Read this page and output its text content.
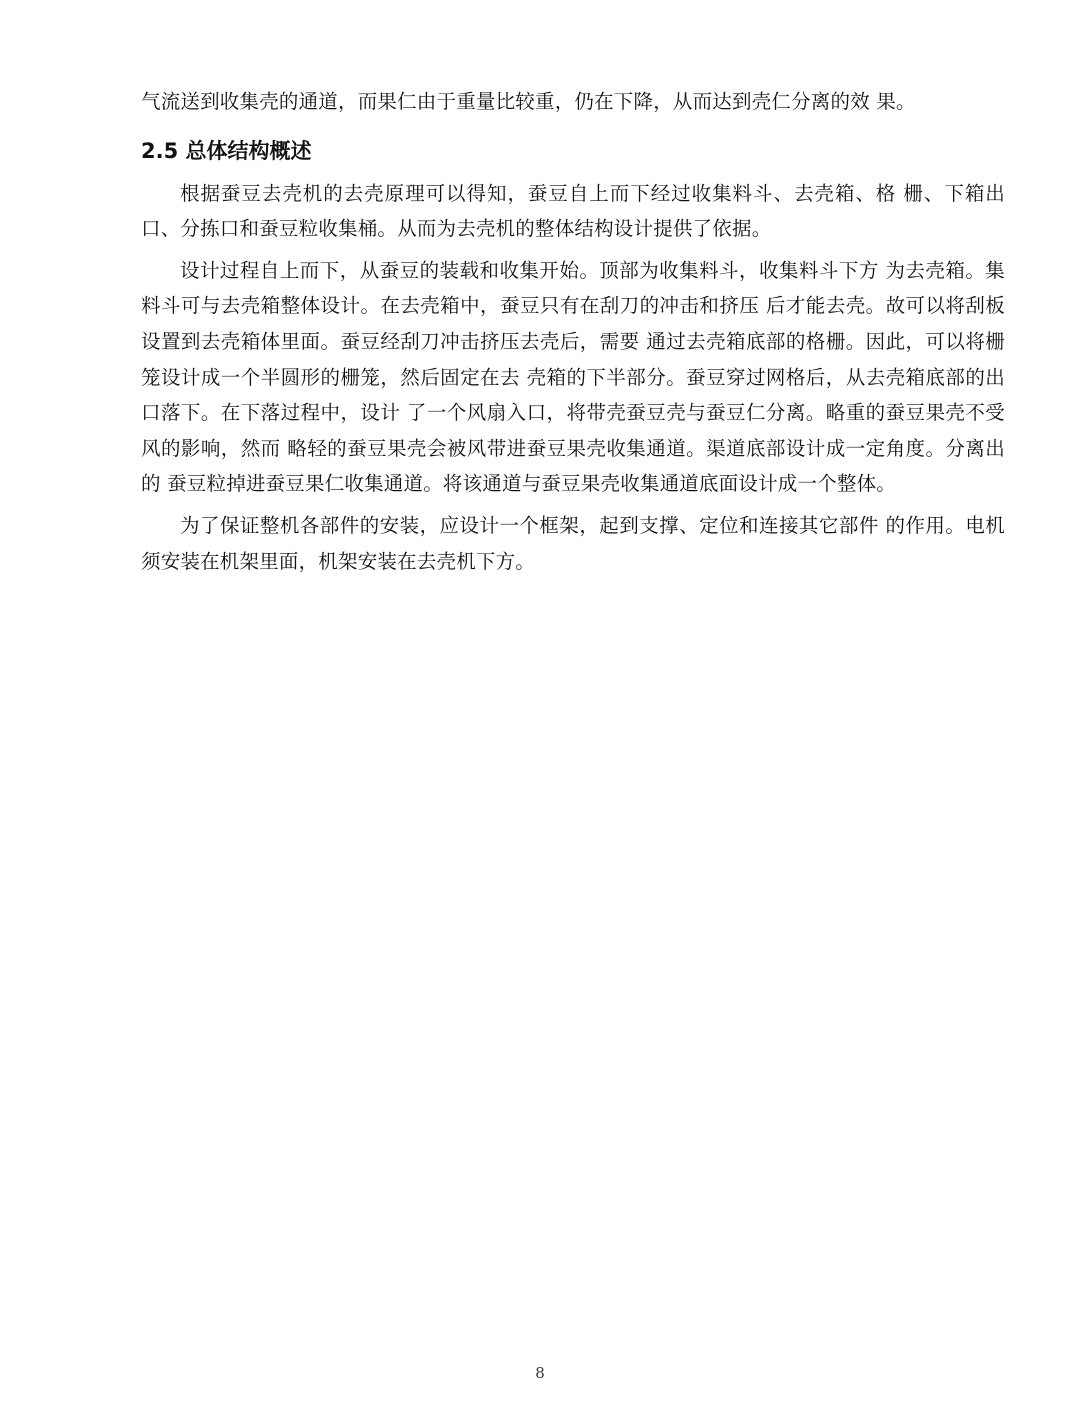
气流送到收集壳的通道，而果仁由于重量比较重，仍在下降，从而达到壳仁分离的效 果。

2.5 总体结构概述

根据蚕豆去壳机的去壳原理可以得知，蚕豆自上而下经过收集料斗、去壳箱、格 栅、下箱出口、分拣口和蚕豆粒收集桶。从而为去壳机的整体结构设计提供了依据。

设计过程自上而下，从蚕豆的装载和收集开始。顶部为收集料斗，收集料斗下方 为去壳箱。集料斗可与去壳箱整体设计。在去壳箱中，蚕豆只有在刮刀的冲击和挤压 后才能去壳。故可以将刮板设置到去壳箱体里面。蚕豆经刮刀冲击挤压去壳后，需要 通过去壳箱底部的格栅。因此，可以将栅笼设计成一个半圆形的栅笼，然后固定在去 壳箱的下半部分。蚕豆穿过网格后，从去壳箱底部的出口落下。在下落过程中，设计 了一个风扇入口，将带壳蚕豆壳与蚕豆仁分离。略重的蚕豆果壳不受风的影响，然而 略轻的蚕豆果壳会被风带进蚕豆果壳收集通道。渠道底部设计成一定角度。分离出的 蚕豆粒掉进蚕豆果仁收集通道。将该通道与蚕豆果壳收集通道底面设计成一个整体。

为了保证整机各部件的安装，应设计一个框架，起到支撑、定位和连接其它部件 的作用。电机须安装在机架里面，机架安装在去壳机下方。

8
